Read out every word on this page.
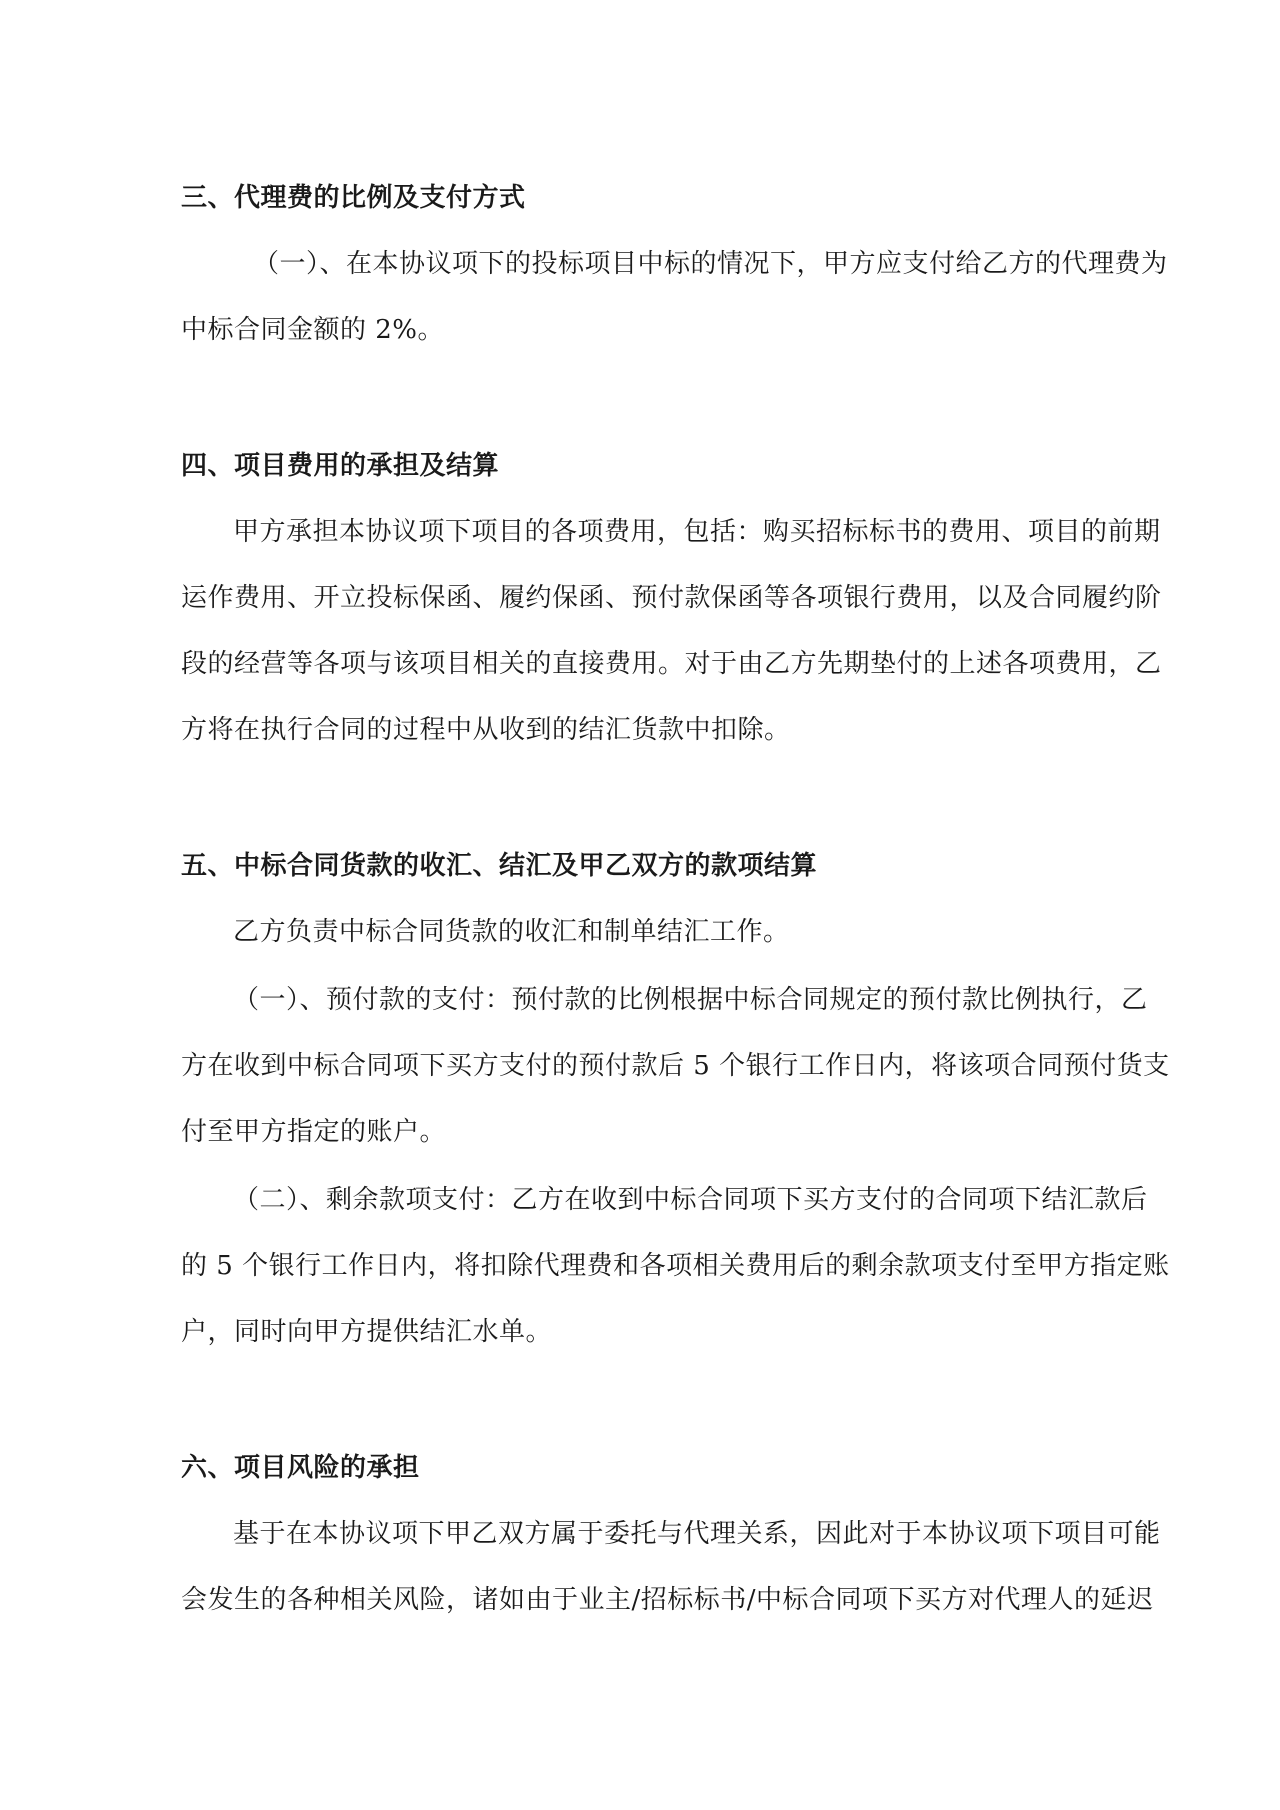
三、代理费的比例及支付方式
（一）、在本协议项下的投标项目中标的情况下，甲方应支付给乙方的代理费为
中标合同金额的 2%。
四、项目费用的承担及结算
甲方承担本协议项下项目的各项费用，包括：购买招标标书的费用、项目的前期
运作费用、开立投标保函、履约保函、预付款保函等各项银行费用，以及合同履约阶
段的经营等各项与该项目相关的直接费用。对于由乙方先期垫付的上述各项费用，乙
方将在执行合同的过程中从收到的结汇货款中扣除。
五、中标合同货款的收汇、结汇及甲乙双方的款项结算
乙方负责中标合同货款的收汇和制单结汇工作。
（一）、预付款的支付：预付款的比例根据中标合同规定的预付款比例执行，乙
方在收到中标合同项下买方支付的预付款后 5 个银行工作日内，将该项合同预付货支
付至甲方指定的账户。
（二）、剩余款项支付：乙方在收到中标合同项下买方支付的合同项下结汇款后
的 5 个银行工作日内，将扣除代理费和各项相关费用后的剩余款项支付至甲方指定账
户，同时向甲方提供结汇水单。
六、项目风险的承担
基于在本协议项下甲乙双方属于委托与代理关系，因此对于本协议项下项目可能
会发生的各种相关风险，诸如由于业主/招标标书/中标合同项下买方对代理人的延迟
